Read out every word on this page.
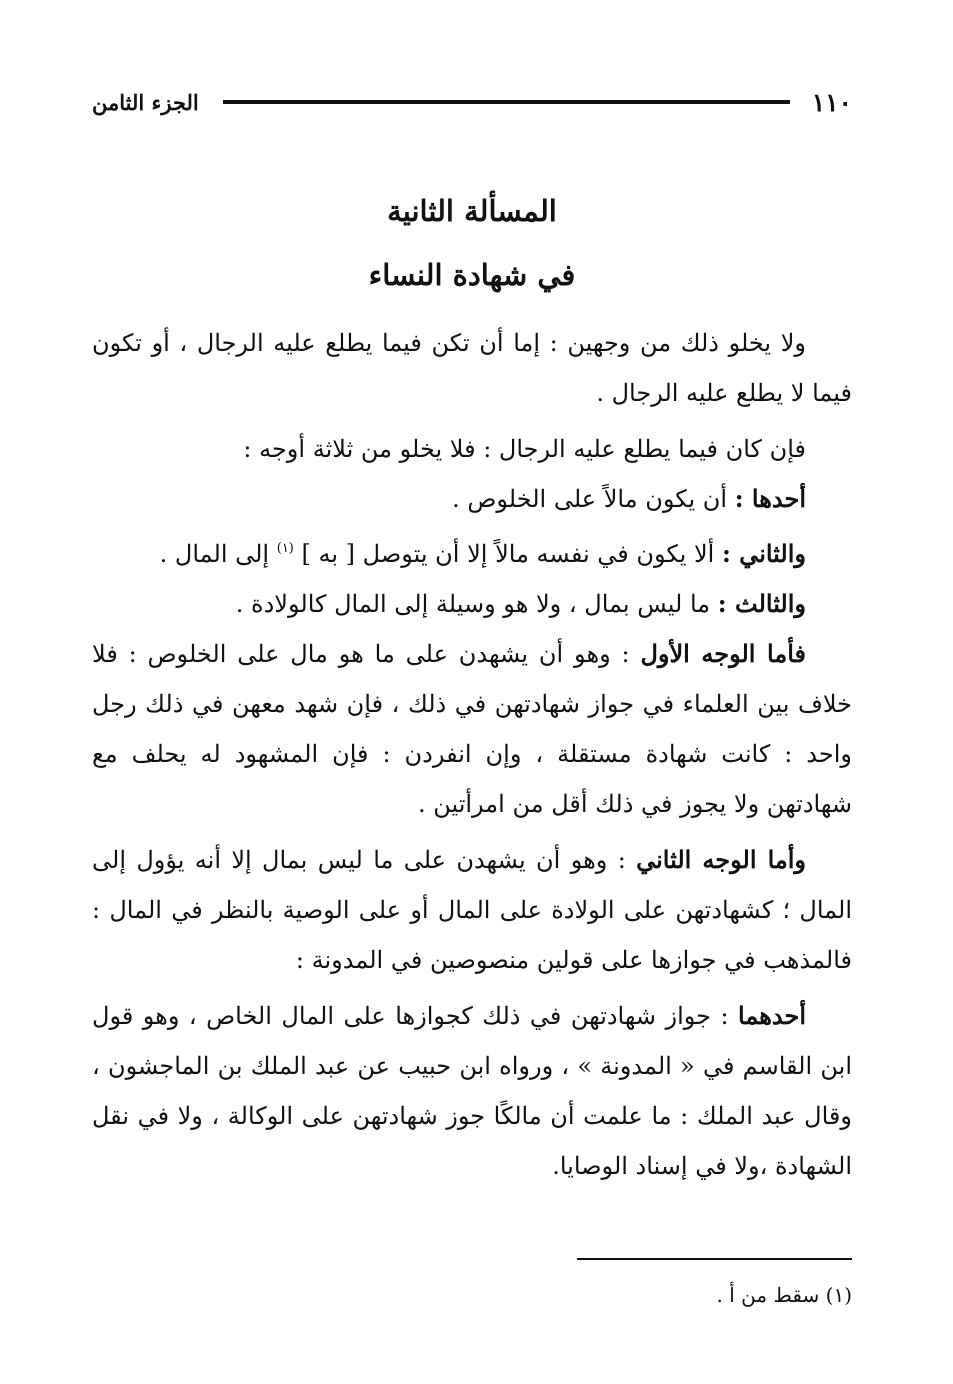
١١٠
الجزء الثامن
المسألة الثانية
في شهادة النساء

ولا يخلو ذلك من وجهين : إما أن تكن فيما يطلع عليه الرجال ، أو تكون فيما لا يطلع عليه الرجال .

فإن كان فيما يطلع عليه الرجال : فلا يخلو من ثلاثة أوجه :

أحدها : أن يكون مالاً على الخلوص .

والثاني : ألا يكون في نفسه مالاً إلا أن يتوصل [ به ] $^{(١)}$ إلى المال .

والثالث : ما ليس بمال ، ولا هو وسيلة إلى المال كالولادة .

فأما الوجه الأول : وهو أن يشهدن على ما هو مال على الخلوص : فلا خلاف بين العلماء في جواز شهادتهن في ذلك ، فإن شهد معهن في ذلك رجل واحد : كانت شهادة مستقلة ، وإن انفردن : فإن المشهود له يحلف مع شهادتهن ولا يجوز في ذلك أقل من امرأتين .

وأما الوجه الثاني : وهو أن يشهدن على ما ليس بمال إلا أنه يؤول إلى المال ؛ كشهادتهن على الولادة على المال أو على الوصية بالنظر في المال : فالمذهب في جوازها على قولين منصوصين في المدونة :

أحدهما : جواز شهادتهن في ذلك كجوازها على المال الخاص ، وهو قول ابن القاسم في « المدونة » ، ورواه ابن حبيب عن عبد الملك بن الماجشون ، وقال عبد الملك : ما علمت أن مالكًا جوز شهادتهن على الوكالة ، ولا في نقل الشهادة ،ولا في إسناد الوصايا.

(١) سقط من أ .
